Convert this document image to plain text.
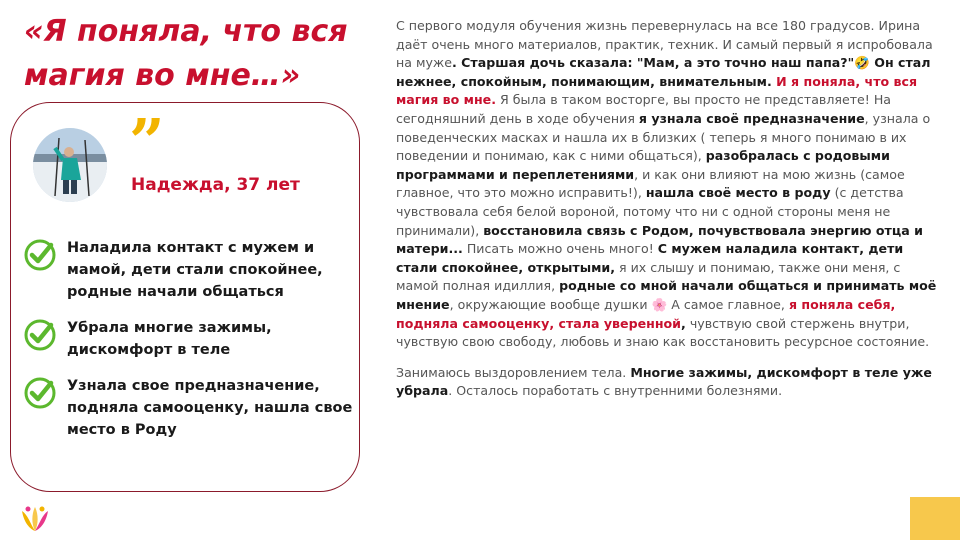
«Я поняла, что вся магия во мне…»
”
Надежда, 37 лет
Наладила контакт с мужем и мамой, дети стали спокойнее, родные начали общаться
Убрала многие зажимы, дискомфорт в теле
Узнала свое предназначение, подняла самооценку, нашла свое место в Роду

С первого модуля обучения жизнь перевернулась на все 180 градусов. Ирина даёт очень много материалов, практик, техник. И самый первый я испробовала на муже. Старшая дочь сказала: "Мам, а это точно наш папа?"🤣 Он стал нежнее, спокойным, понимающим, внимательным. И я поняла, что вся магия во мне. Я была в таком восторге, вы просто не представляете! На сегодняшний день в ходе обучения я узнала своё предназначение, узнала о поведенческих масках и нашла их в близких ( теперь я много понимаю в их поведении и понимаю, как с ними общаться), разобралась с родовыми программами и переплетениями, и как они влияют на мою жизнь (самое главное, что это можно исправить!), нашла своё место в роду (с детства чувствовала себя белой вороной, потому что ни с одной стороны меня не принимали), восстановила связь с Родом, почувствовала энергию отца и матери... Писать можно очень много! С мужем наладила контакт, дети стали спокойнее, открытыми, я их слышу и понимаю, также они меня, с мамой полная идиллия, родные со мной начали общаться и принимать моё мнение, окружающие вообще душки 🌸 А самое главное, я поняла себя, подняла самооценку, стала уверенной, чувствую свой стержень внутри, чувствую свою свободу, любовь и знаю как восстановить ресурсное состояние.

Занимаюсь выздоровлением тела. Многие зажимы, дискомфорт в теле уже убрала. Осталось поработать с внутренними болезнями.
